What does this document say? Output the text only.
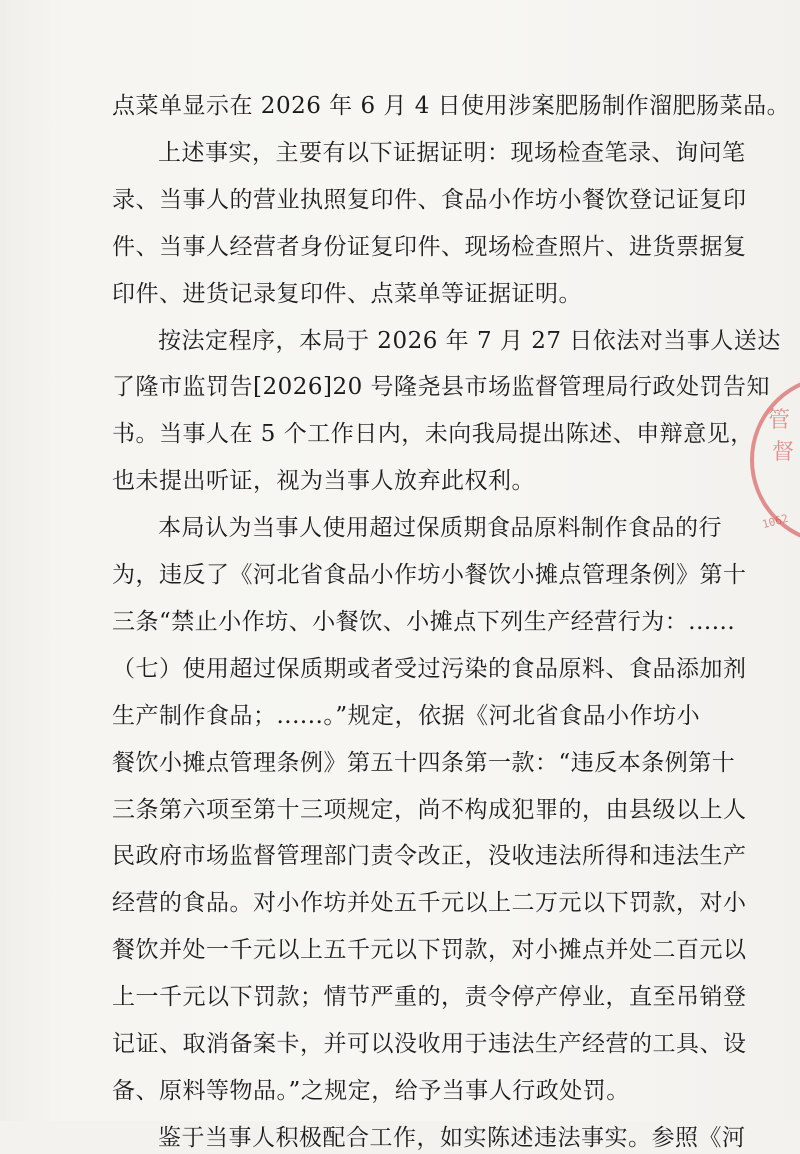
点菜单显示在 2026 年 6 月 4 日使用涉案肥肠制作溜肥肠菜品。
上述事实，主要有以下证据证明：现场检查笔录、询问笔
录、当事人的营业执照复印件、食品小作坊小餐饮登记证复印
件、当事人经营者身份证复印件、现场检查照片、进货票据复
印件、进货记录复印件、点菜单等证据证明。
按法定程序，本局于 2026 年 7 月 27 日依法对当事人送达
了隆市监罚告[2026]20 号隆尧县市场监督管理局行政处罚告知
书。当事人在 5 个工作日内，未向我局提出陈述、申辩意见，
也未提出听证，视为当事人放弃此权利。
本局认为当事人使用超过保质期食品原料制作食品的行
为，违反了《河北省食品小作坊小餐饮小摊点管理条例》第十
三条“禁止小作坊、小餐饮、小摊点下列生产经营行为：......
（七）使用超过保质期或者受过污染的食品原料、食品添加剂
生产制作食品；......。”规定，依据《河北省食品小作坊小
餐饮小摊点管理条例》第五十四条第一款：“违反本条例第十
三条第六项至第十三项规定，尚不构成犯罪的，由县级以上人
民政府市场监督管理部门责令改正，没收违法所得和违法生产
经营的食品。对小作坊并处五千元以上二万元以下罚款，对小
餐饮并处一千元以上五千元以下罚款，对小摊点并处二百元以
上一千元以下罚款；情节严重的，责令停产停业，直至吊销登
记证、取消备案卡，并可以没收用于违法生产经营的工具、设
备、原料等物品。”之规定，给予当事人行政处罚。
鉴于当事人积极配合工作，如实陈述违法事实。参照《河
管
督
1062
